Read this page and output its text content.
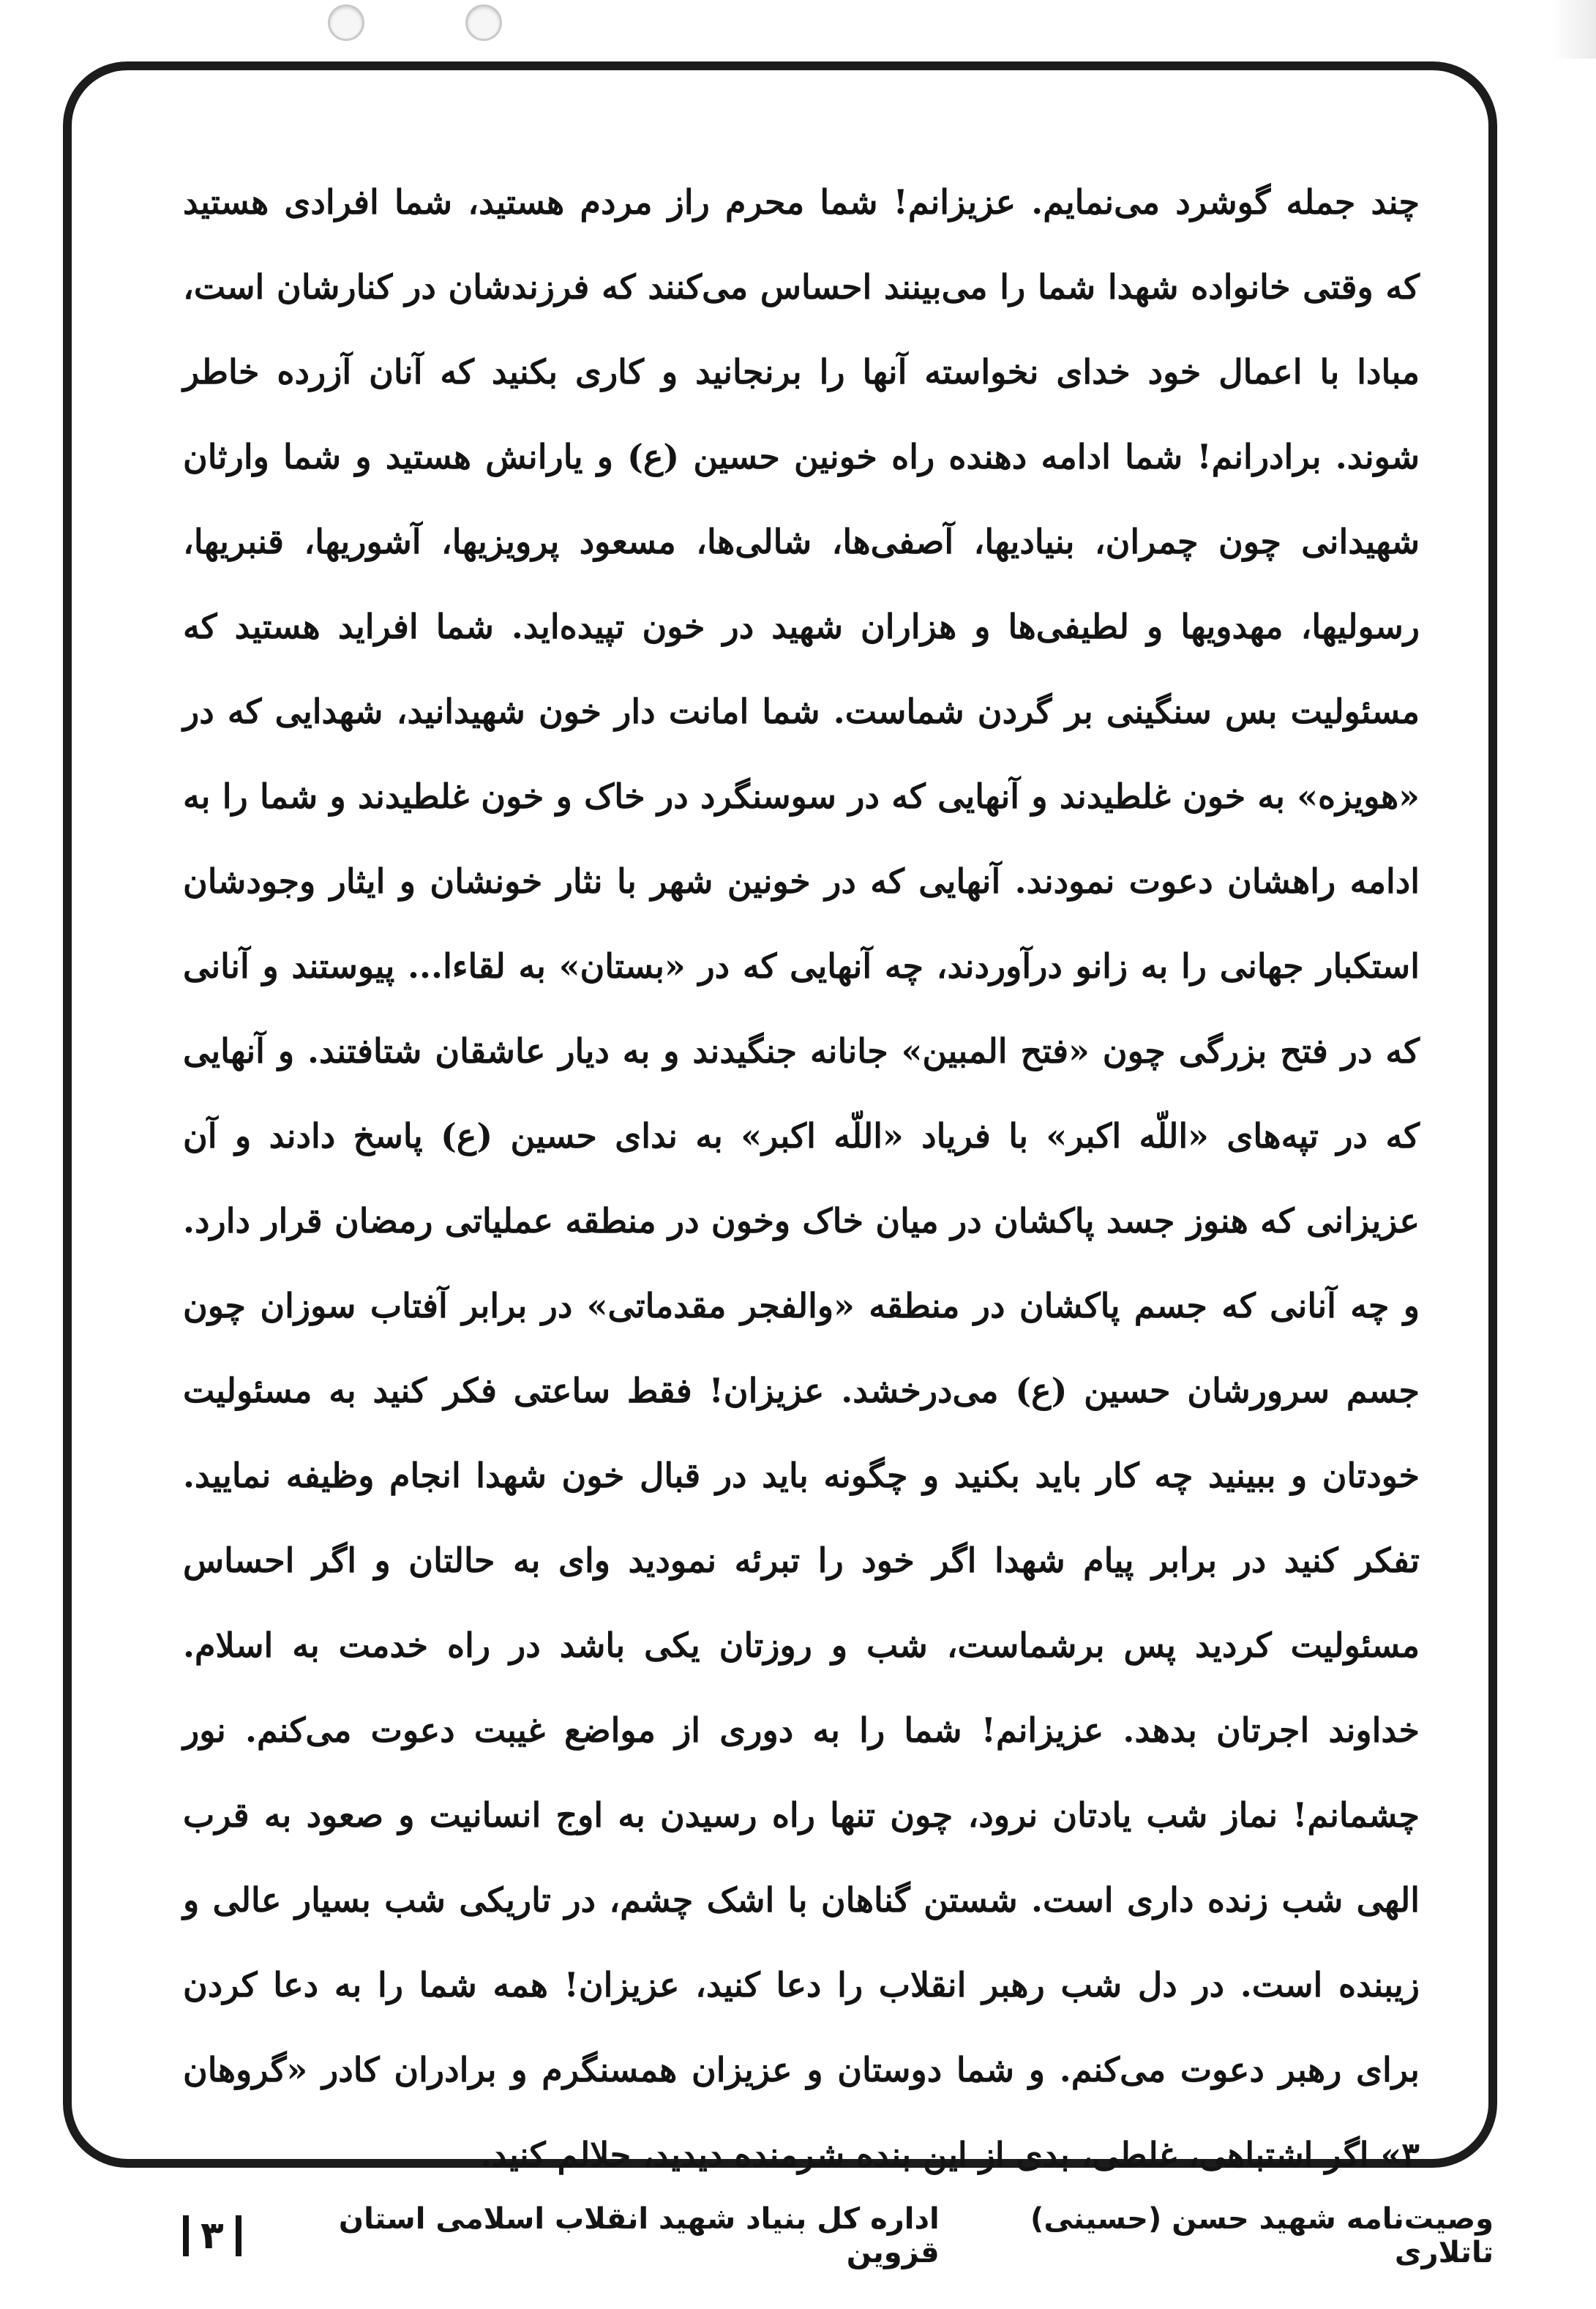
چند جمله گوشرد می‌نمایم. عزیزانم! شما محرم راز مردم هستید، شما افرادی هستید که وقتی خانواده شهدا شما را می‌بینند احساس می‌کنند که فرزندشان در کنارشان است، مبادا با اعمال خود خدای نخواسته آنها را برنجانید و کاری بکنید که آنان آزرده خاطر شوند. برادرانم! شما ادامه دهنده راه خونین حسین (ع) و یارانش هستید و شما وارثان شهیدانی چون چمران، بنیادیها، آصفی‌ها، شالی‌ها، مسعود پرویزیها، آشوریها، قنبریها، رسولیها، مهدویها و لطیفی‌ها و هزاران شهید در خون تپیده‌اید. شما افراید هستید که مسئولیت بس سنگینی بر گردن شماست. شما امانت دار خون شهیدانید، شهدایی که در «هویزه» به خون غلطیدند و آنهایی که در سوسنگرد در خاک و خون غلطیدند و شما را به ادامه راهشان دعوت نمودند. آنهایی که در خونین شهر با نثار خونشان و ایثار وجودشان استکبار جهانی را به زانو درآوردند، چه آنهایی که در «بستان» به لقاءا... پیوستند و آنانی که در فتح بزرگی چون «فتح المبین» جانانه جنگیدند و به دیار عاشقان شتافتند. و آنهایی که در تپه‌های «اللّه اکبر» با فریاد «اللّه اکبر» به ندای حسین (ع) پاسخ دادند و آن عزیزانی که هنوز جسد پاکشان در میان خاک وخون در منطقه عملیاتی رمضان قرار دارد. و چه آنانی که جسم پاکشان در منطقه «والفجر مقدماتی» در برابر آفتاب سوزان چون جسم سرورشان حسین (ع) می‌درخشد. عزیزان! فقط ساعتی فکر کنید به مسئولیت خودتان و ببینید چه کار باید بکنید و چگونه باید در قبال خون شهدا انجام وظیفه نمایید. تفکر کنید در برابر پیام شهدا اگر خود را تبرئه نمودید وای به حالتان و اگر احساس مسئولیت کردید پس برشماست، شب و روزتان یکی باشد در راه خدمت به اسلام. خداوند اجرتان بدهد. عزیزانم! شما را به دوری از مواضع غیبت دعوت می‌کنم. نور چشمانم! نماز شب یادتان نرود، چون تنها راه رسیدن به اوج انسانیت و صعود به قرب الهی شب زنده داری است. شستن گناهان با اشک چشم، در تاریکی شب بسیار عالی و زیبنده است. در دل شب رهبر انقلاب را دعا کنید، عزیزان! همه شما را به دعا کردن برای رهبر دعوت می‌کنم. و شما دوستان و عزیزان همسنگرم و برادران کادر «گروهان ۳» اگر اشتباهی، غلطی، بدی از این بنده شرمنده دیدید، حلالم کنید.

وصیت‌نامه شهید حسن (حسینی) تاتلاری
اداره کل بنیاد شهید انقلاب اسلامی استان قزوین
۳
